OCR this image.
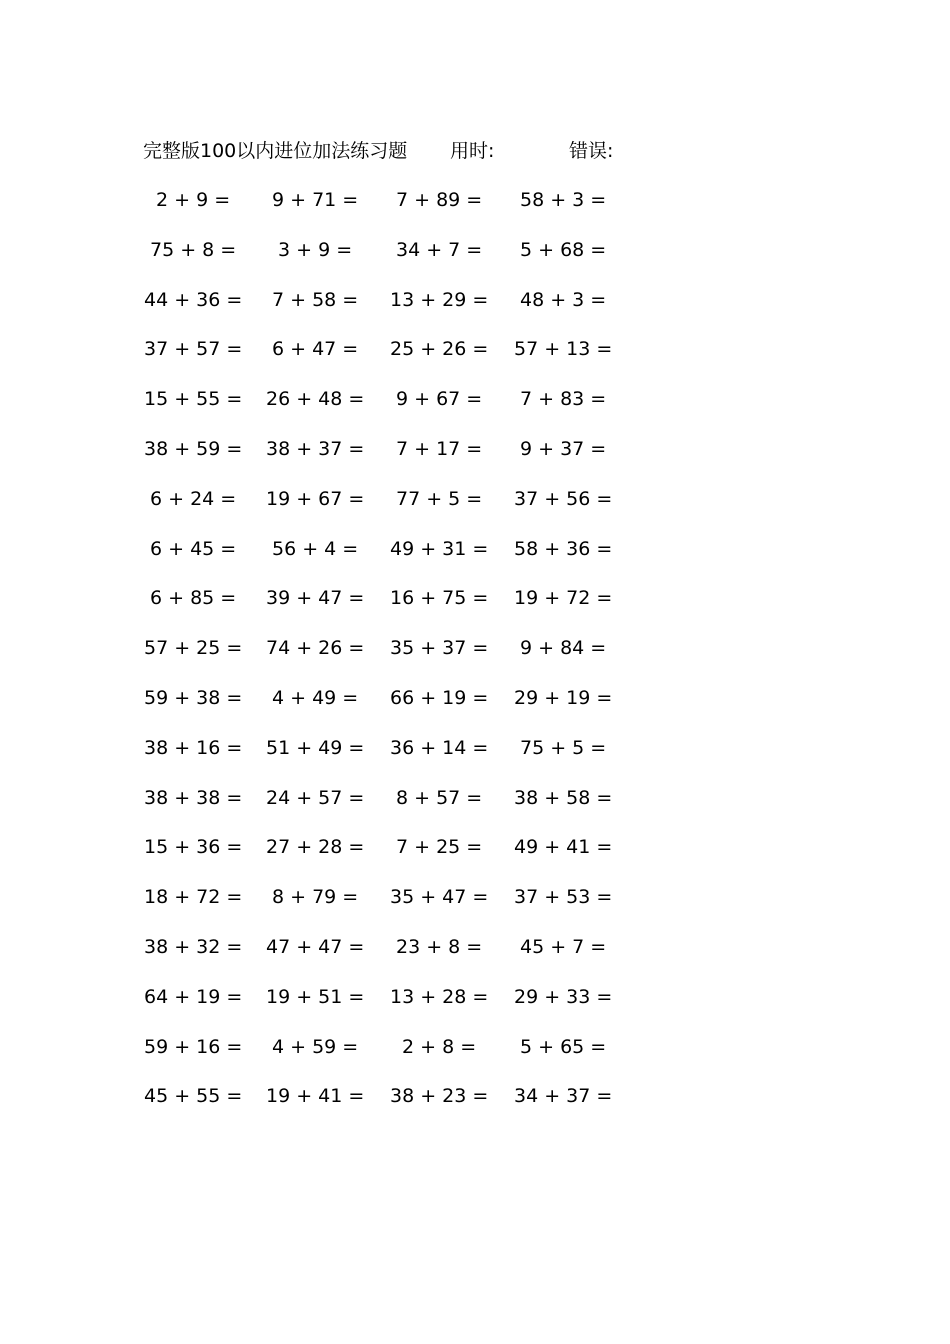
完整版100以内进位加法练习题 用时:	错误:
2 + 9 = 9 + 71 = 7 + 89 = 58 + 3 =
75 + 8 = 3 + 9 = 34 + 7 = 5 + 68 =
44 + 36 = 7 + 58 = 13 + 29 = 48 + 3 =
37 + 57 = 6 + 47 = 25 + 26 = 57 + 13 =
15 + 55 = 26 + 48 = 9 + 67 = 7 + 83 =
38 + 59 = 38 + 37 = 7 + 17 = 9 + 37 =
6 + 24 = 19 + 67 = 77 + 5 = 37 + 56 =
6 + 45 = 56 + 4 = 49 + 31 = 58 + 36 =
6 + 85 = 39 + 47 = 16 + 75 = 19 + 72 =
57 + 25 = 74 + 26 = 35 + 37 = 9 + 84 =
59 + 38 = 4 + 49 = 66 + 19 = 29 + 19 =
38 + 16 = 51 + 49 = 36 + 14 = 75 + 5 =
38 + 38 = 24 + 57 = 8 + 57 = 38 + 58 =
15 + 36 = 27 + 28 = 7 + 25 = 49 + 41 =
18 + 72 = 8 + 79 = 35 + 47 = 37 + 53 =
38 + 32 = 47 + 47 = 23 + 8 = 45 + 7 =
64 + 19 = 19 + 51 = 13 + 28 = 29 + 33 =
59 + 16 = 4 + 59 = 2 + 8 = 5 + 65 =
45 + 55 = 19 + 41 = 38 + 23 = 34 + 37 =
